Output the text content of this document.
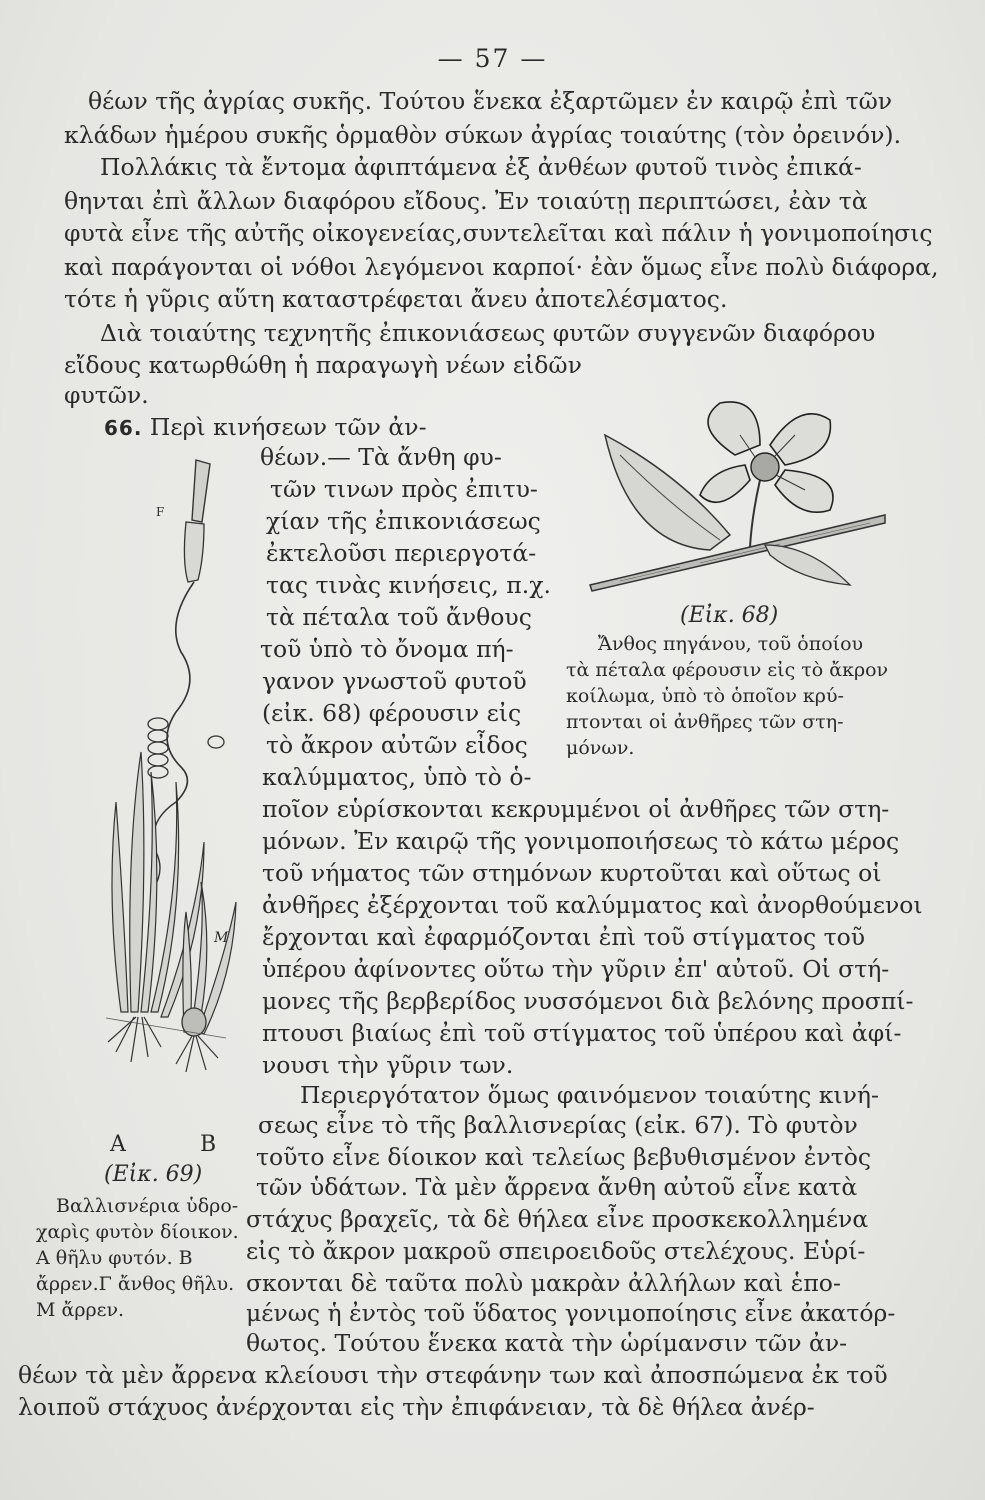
— 57 —
θέων τῆς ἀγρίας συκῆς. Τούτου ἕνεκα ἐξαρτῶμεν ἐν καιρῷ ἐπὶ τῶν
κλάδων ἡμέρου συκῆς ὁρμαθὸν σύκων ἀγρίας τοιαύτης (τὸν ὀρεινόν).
Πολλάκις τὰ ἔντομα ἀφιπτάμενα ἐξ ἀνθέων φυτοῦ τινὸς ἐπικά-
θηνται ἐπὶ ἄλλων διαφόρου εἴδους. Ἐν τοιαύτῃ περιπτώσει, ἐὰν τὰ
φυτὰ εἶνε τῆς αὐτῆς οἰκογενείας,συντελεῖται καὶ πάλιν ἡ γονιμοποίησις
καὶ παράγονται οἱ νόθοι λεγόμενοι καρποί· ἐὰν ὅμως εἶνε πολὺ διάφορα,
τότε ἡ γῦρις αὕτη καταστρέφεται ἄνευ ἀποτελέσματος.
Διὰ τοιαύτης τεχνητῆς ἐπικονιάσεως φυτῶν συγγενῶν διαφόρου
εἴδους κατωρθώθη ἡ παραγωγὴ νέων εἰδῶν
φυτῶν.
66. Περὶ κινήσεων τῶν ἀν-
θέων.— Τὰ ἄνθη φυ-
τῶν τινων πρὸς ἐπιτυ-
χίαν τῆς ἐπικονιάσεως
ἐκτελοῦσι περιεργοτά-
τας τινὰς κινήσεις, π.χ.
τὰ πέταλα τοῦ ἄνθους
τοῦ ὑπὸ τὸ ὄνομα πή-
γανον γνωστοῦ φυτοῦ
(εἰκ. 68) φέρουσιν εἰς
τὸ ἄκρον αὐτῶν εἶδος
καλύμματος, ὑπὸ τὸ ὁ-
ποῖον εὑρίσκονται κεκρυμμένοι οἱ ἀνθῆρες τῶν στη-
μόνων. Ἐν καιρῷ τῆς γονιμοποιήσεως τὸ κάτω μέρος
τοῦ νήματος τῶν στημόνων κυρτοῦται καὶ οὕτως οἱ
ἀνθῆρες ἐξέρχονται τοῦ καλύμματος καὶ ἀνορθούμενοι
ἔρχονται καὶ ἐφαρμόζονται ἐπὶ τοῦ στίγματος τοῦ
ὑπέρου ἀφίνοντες οὕτω τὴν γῦριν ἐπ' αὐτοῦ. Οἱ στή-
μονες τῆς βερβερίδος νυσσόμενοι διὰ βελόνης προσπί-
πτουσι βιαίως ἐπὶ τοῦ στίγματος τοῦ ὑπέρου καὶ ἀφί-
νουσι τὴν γῦριν των.
Περιεργότατον ὅμως φαινόμενον τοιαύτης κινή-
σεως εἶνε τὸ τῆς βαλλισνερίας (εἰκ. 67). Τὸ φυτὸν
τοῦτο εἶνε δίοικον καὶ τελείως βεβυθισμένον ἐντὸς
τῶν ὑδάτων. Τὰ μὲν ἄρρενα ἄνθη αὐτοῦ εἶνε κατὰ
στάχυς βραχεῖς, τὰ δὲ θήλεα εἶνε προσκεκολλημένα
εἰς τὸ ἄκρον μακροῦ σπειροειδοῦς στελέχους. Εὑρί-
σκονται δὲ ταῦτα πολὺ μακρὰν ἀλλήλων καὶ ἑπο-
μένως ἡ ἐντὸς τοῦ ὕδατος γονιμοποίησις εἶνε ἀκατόρ-
θωτος. Τούτου ἕνεκα κατὰ τὴν ὡρίμανσιν τῶν ἀν-
θέων τὰ μὲν ἄρρενα κλείουσι τὴν στεφάνην των καὶ ἀποσπώμενα ἐκ τοῦ
λοιποῦ στάχυος ἀνέρχονται εἰς τὴν ἐπιφάνειαν, τὰ δὲ θήλεα ἀνέρ-
(Εἰκ. 68)
Ἄνθος πηγάνου, τοῦ ὁποίου
τὰ πέταλα φέρουσιν εἰς τὸ ἄκρον
κοίλωμα, ὑπὸ τὸ ὁποῖον κρύ-
πτονται οἱ ἀνθῆρες τῶν στη-
μόνων.
F
M
A	B
(Εἰκ. 69)
Βαλλισνέρια ὑδρο-
χαρὶς φυτὸν δίοικον.
Α θῆλυ φυτόν. Β
ἄρρεν.Γ ἄνθος θῆλυ.
Μ ἄρρεν.
